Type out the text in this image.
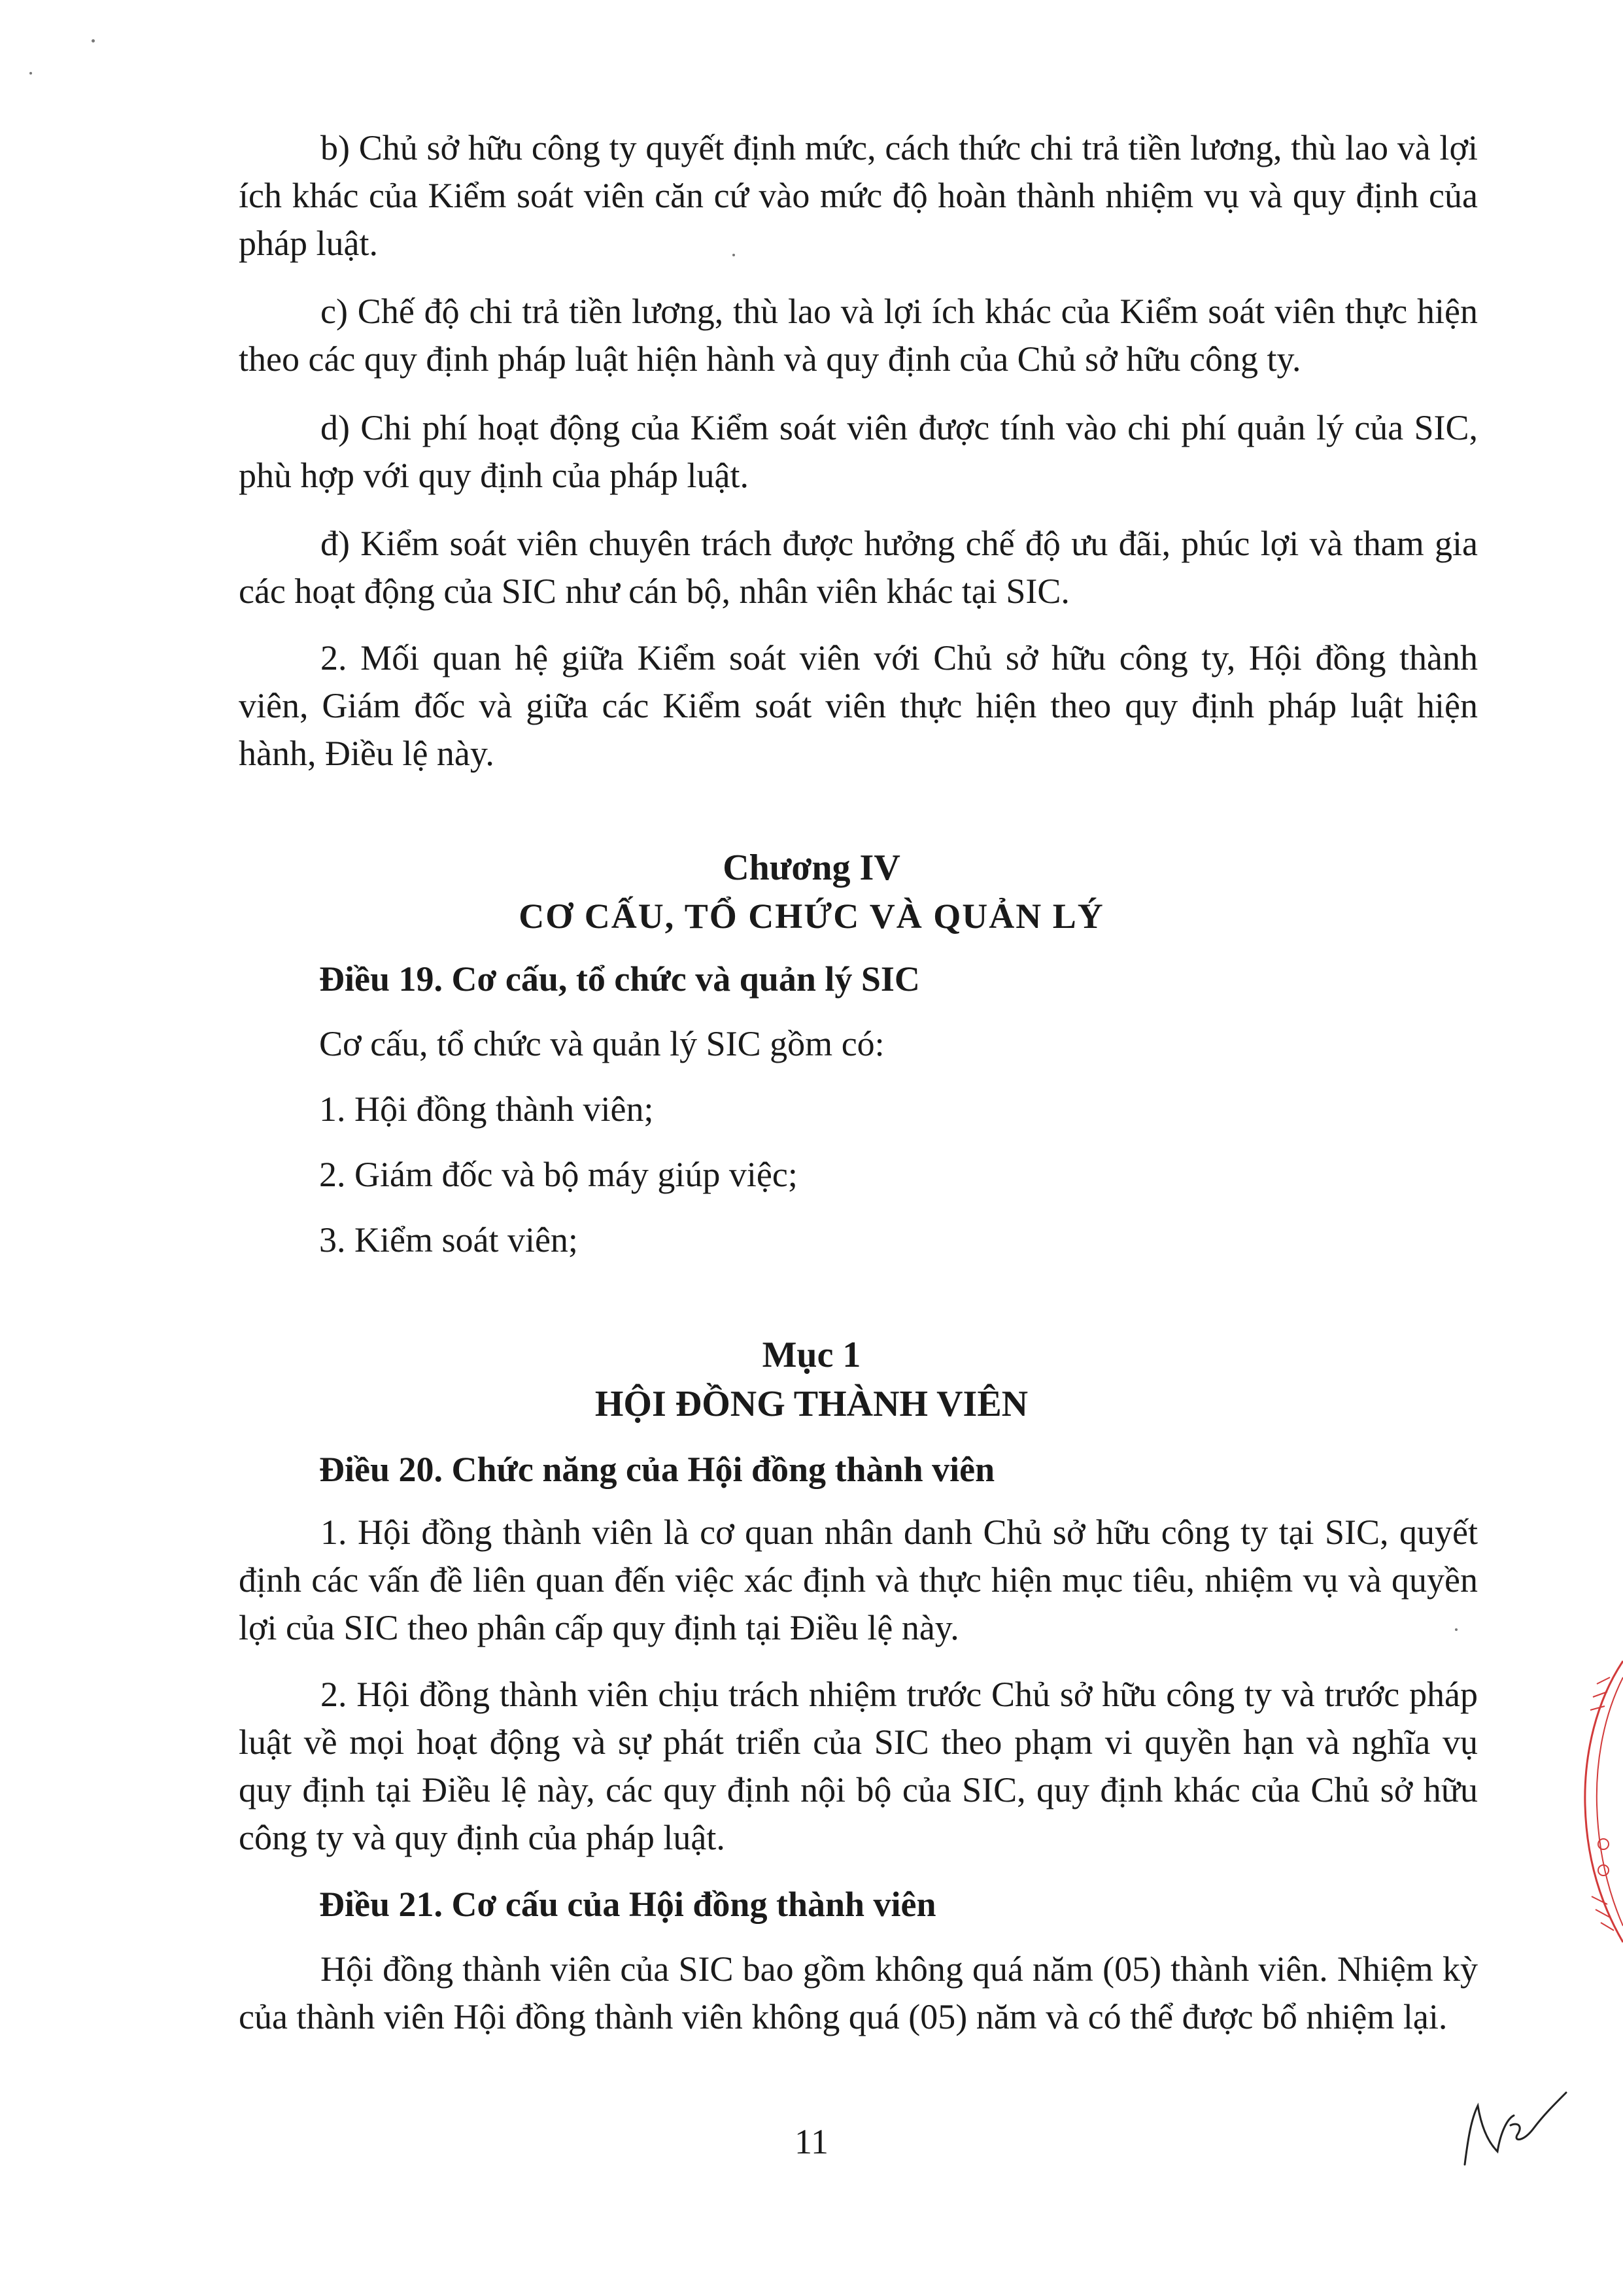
b) Chủ sở hữu công ty quyết định mức, cách thức chi trả tiền lương, thù lao và lợi ích khác của Kiểm soát viên căn cứ vào mức độ hoàn thành nhiệm vụ và quy định của pháp luật.

c) Chế độ chi trả tiền lương, thù lao và lợi ích khác của Kiểm soát viên thực hiện theo các quy định pháp luật hiện hành và quy định của Chủ sở hữu công ty.

d) Chi phí hoạt động của Kiểm soát viên được tính vào chi phí quản lý của SIC, phù hợp với quy định của pháp luật.

đ) Kiểm soát viên chuyên trách được hưởng chế độ ưu đãi, phúc lợi và tham gia các hoạt động của SIC như cán bộ, nhân viên khác tại SIC.

2. Mối quan hệ giữa Kiểm soát viên với Chủ sở hữu công ty, Hội đồng thành viên, Giám đốc và giữa các Kiểm soát viên thực hiện theo quy định pháp luật hiện hành, Điều lệ này.

Chương IV

CƠ CẤU, TỔ CHỨC VÀ QUẢN LÝ

Điều 19. Cơ cấu, tổ chức và quản lý SIC

Cơ cấu, tổ chức và quản lý SIC gồm có:

1. Hội đồng thành viên;

2. Giám đốc và bộ máy giúp việc;

3. Kiểm soát viên;

Mục 1

HỘI ĐỒNG THÀNH VIÊN

Điều 20. Chức năng của Hội đồng thành viên

1. Hội đồng thành viên là cơ quan nhân danh Chủ sở hữu công ty tại SIC, quyết định các vấn đề liên quan đến việc xác định và thực hiện mục tiêu, nhiệm vụ và quyền lợi của SIC theo phân cấp quy định tại Điều lệ này.

2. Hội đồng thành viên chịu trách nhiệm trước Chủ sở hữu công ty và trước pháp luật về mọi hoạt động và sự phát triển của SIC theo phạm vi quyền hạn và nghĩa vụ quy định tại Điều lệ này, các quy định nội bộ của SIC, quy định khác của Chủ sở hữu công ty và quy định của pháp luật.

Điều 21. Cơ cấu của Hội đồng thành viên

Hội đồng thành viên của SIC bao gồm không quá năm (05) thành viên. Nhiệm kỳ của thành viên Hội đồng thành viên không quá (05) năm và có thể được bổ nhiệm lại.

11
